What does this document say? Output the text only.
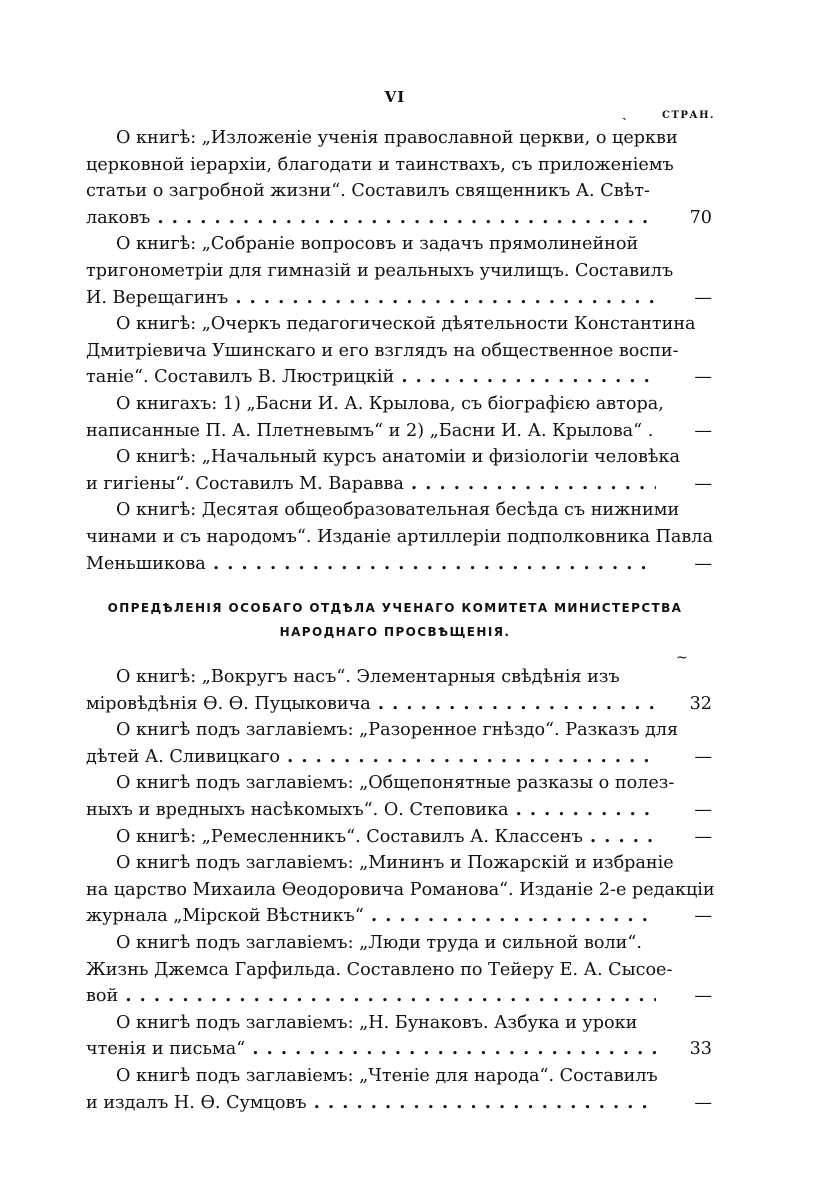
VI
ˎ	СТРАН.
О книгѣ: „Изложеніе ученія православной церкви, о церкви
церковной іерархіи, благодати и таинствахъ, съ приложеніемъ
статьи о загробной жизни“. Составилъ священникъ А. Свѣт-
лаковъ . .	70
О книгѣ: „Собраніе вопросовъ и задачъ прямолинейной
тригонометріи для гимназій и реальныхъ училищъ. Составилъ
И. Верещагинъ . .	—
О книгѣ: „Очеркъ педагогической дѣятельности Константина
Дмитріевича Ушинскаго и его взглядъ на общественное воспи-
таніе“. Составилъ В. Люстрицкій . .	—
О книгахъ: 1) „Басни И. А. Крылова, съ біографією автора,
написанные П. А. Плетневымъ“ и 2) „Басни И. А. Крылова“ . . .	—
О книгѣ: „Начальный курсъ анатоміи и физіологіи человѣка
и гигіены“. Составилъ М. Варавва . .	—
О книгѣ: Десятая общеобразовательная бесѣда съ нижними
чинами и съ народомъ“. Изданіе артиллеріи подполковника Павла
Меньшикова . .	—
ОПРЕДѢЛЕНІЯ ОСОБАГО ОТДѢЛА УЧЕНАГО КОМИТЕТА МИНИСТЕРСТВА
НАРОДНАГО ПРОСВѢЩЕНІЯ.
~
О книгѣ: „Вокругъ насъ“. Элементарныя свѣдѣнія изъ
міровѣдѣнія Ѳ. Ѳ. Пуцыковича . .	32
О книгѣ подъ заглавіемъ: „Разоренное гнѣздо“. Разказъ для
дѣтей А. Сливицкаго . .	—
О книгѣ подъ заглавіемъ: „Общепонятные разказы о полез-
ныхъ и вредныхъ насѣкомыхъ“. О. Степовика . .	—
О книгѣ: „Ремесленникъ“. Составилъ А. Классенъ . .	—
О книгѣ подъ заглавіемъ: „Мининъ и Пожарскій и избраніе
на царство Михаила Ѳеодоровича Романова“. Изданіе 2-е редакціи
журнала „Мірской Вѣстникъ“ . .	—
О книгѣ подъ заглавіемъ: „Люди труда и сильной воли“.
Жизнь Джемса Гарфильда. Составлено по Тейеру Е. А. Сысое-
вой . .	—
О книгѣ подъ заглавіемъ: „Н. Бунаковъ. Азбука и уроки
чтенія и письма“ . .	33
О книгѣ подъ заглавіемъ: „Чтеніе для народа“. Составилъ
и издалъ Н. Ѳ. Сумцовъ . .	—
